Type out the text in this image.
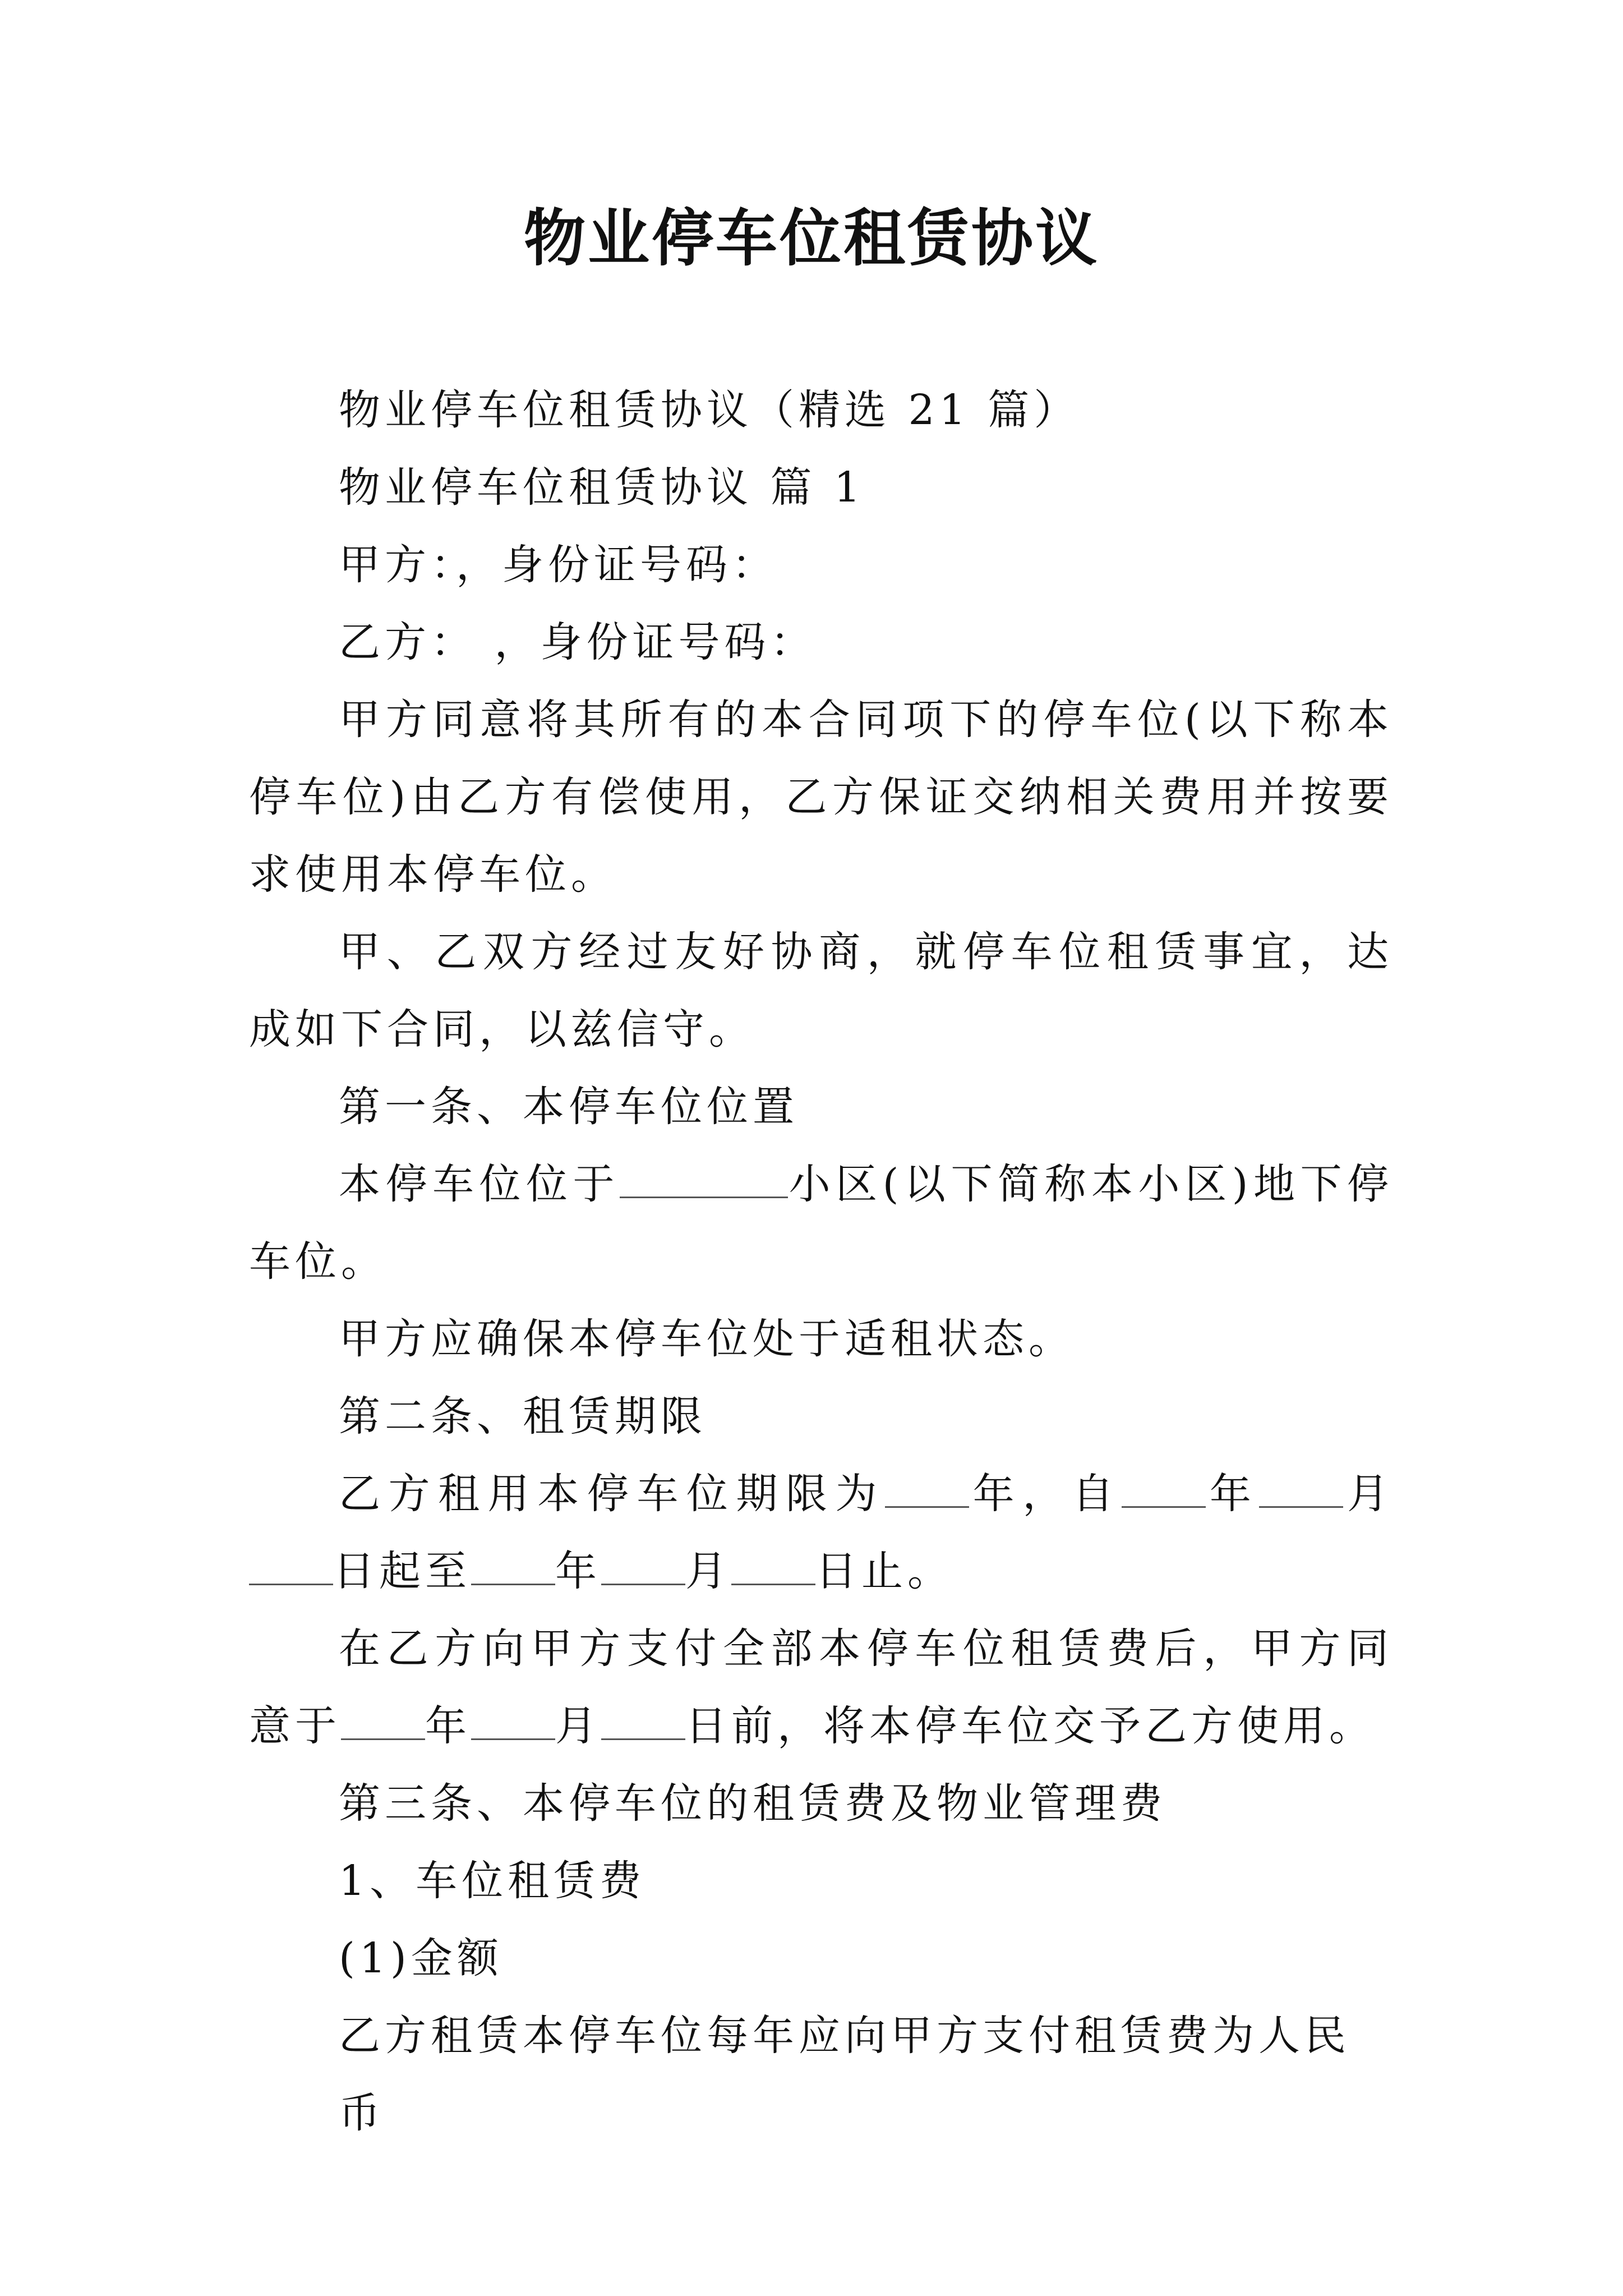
物业停车位租赁协议

物业停车位租赁协议（精选 21 篇）

物业停车位租赁协议 篇 1

甲方：，身份证号码：

乙方： ，身份证号码：

甲方同意将其所有的本合同项下的停车位(以下称本停车位)由乙方有偿使用，乙方保证交纳相关费用并按要求使用本停车位。

甲、乙双方经过友好协商，就停车位租赁事宜，达成如下合同，以兹信守。

第一条、本停车位位置

本停车位位于	小区(以下简称本小区)地下停车位。

甲方应确保本停车位处于适租状态。

第二条、租赁期限

乙方租用本停车位期限为 年，自 年 月日起至 年 月 日止。

在乙方向甲方支付全部本停车位租赁费后，甲方同意于 年 月 日前，将本停车位交予乙方使用。

第三条、本停车位的租赁费及物业管理费

1、车位租赁费

(1)金额

乙方租赁本停车位每年应向甲方支付租赁费为人民币
